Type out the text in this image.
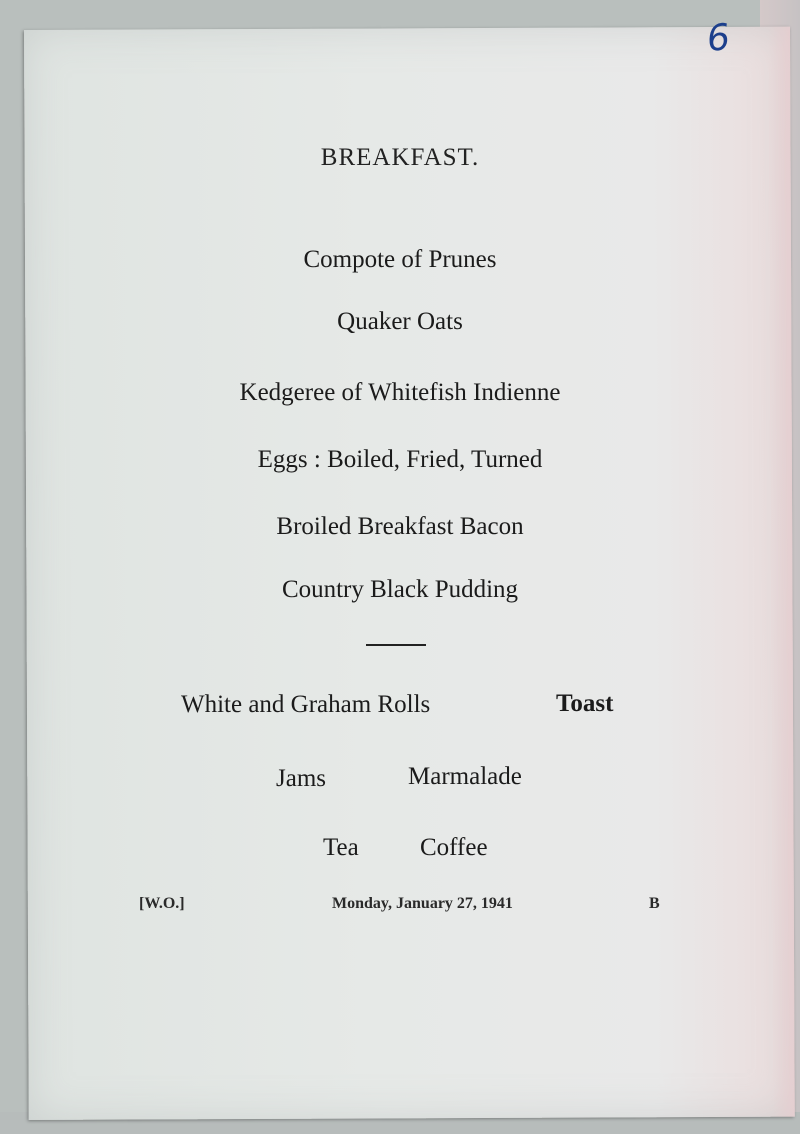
6
BREAKFAST.
Compote of Prunes
Quaker Oats
Kedgeree of Whitefish Indienne
Eggs : Boiled, Fried, Turned
Broiled Breakfast Bacon
Country Black Pudding
White and Graham Rolls	Toast
Jams	Marmalade
Tea Coffee
[W.O.]	Monday, January 27, 1941	B
